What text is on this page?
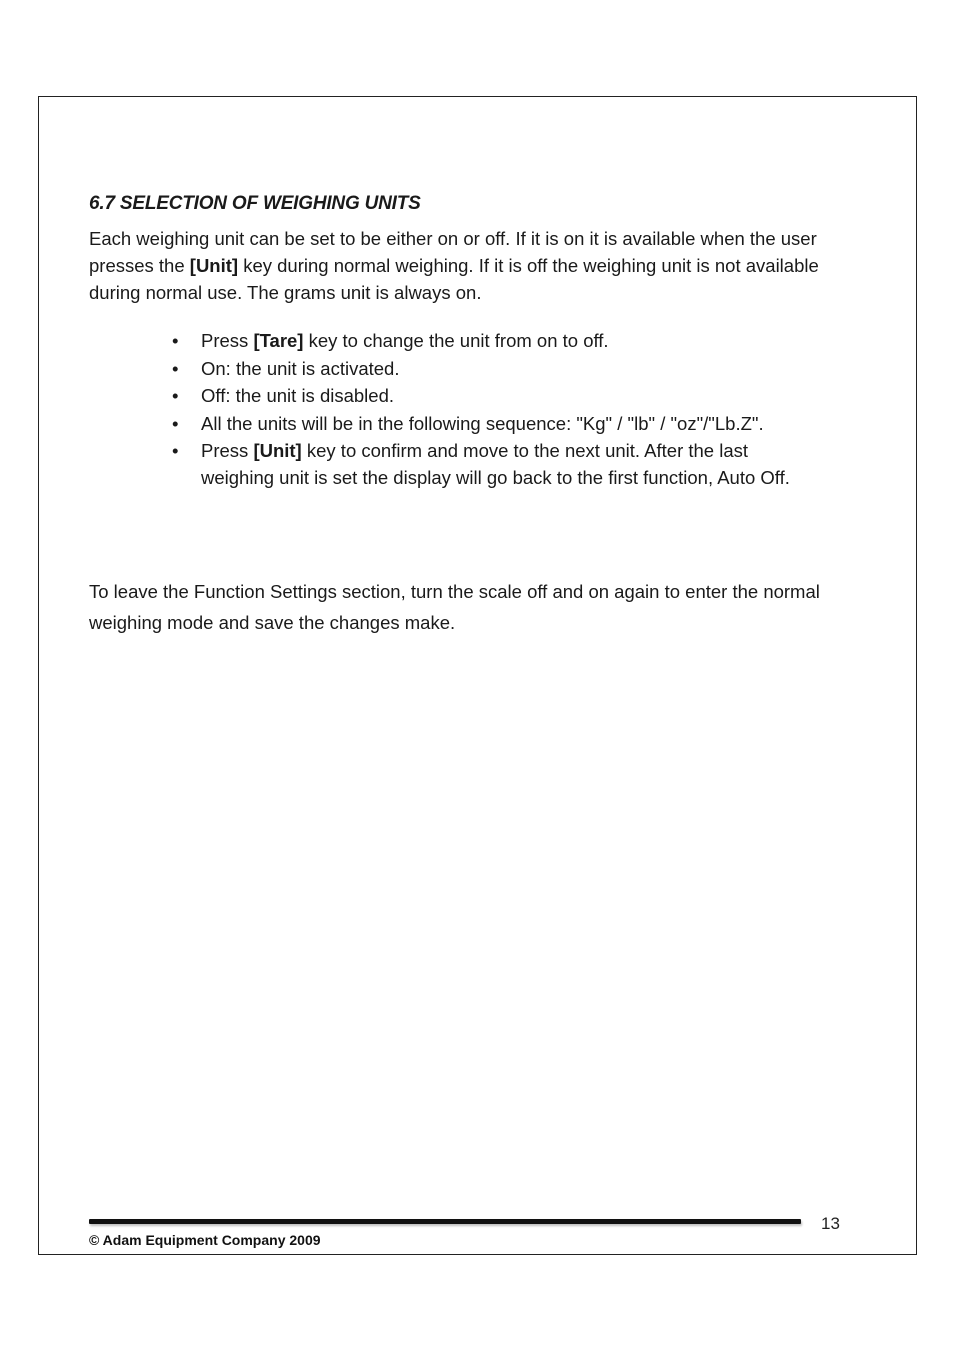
6.7 SELECTION OF WEIGHING UNITS

Each weighing unit can be set to be either on or off. If it is on it is available when the user presses the [Unit] key during normal weighing. If it is off the weighing unit is not available during normal use. The grams unit is always on.

• Press [Tare] key to change the unit from on to off.
• On: the unit is activated.
• Off: the unit is disabled.
• All the units will be in the following sequence: "Kg" / "lb" / "oz"/"Lb.Z".
• Press [Unit] key to confirm and move to the next unit. After the last weighing unit is set the display will go back to the first function, Auto Off.

To leave the Function Settings section, turn the scale off and on again to enter the normal weighing mode and save the changes make.

13
© Adam Equipment Company 2009
